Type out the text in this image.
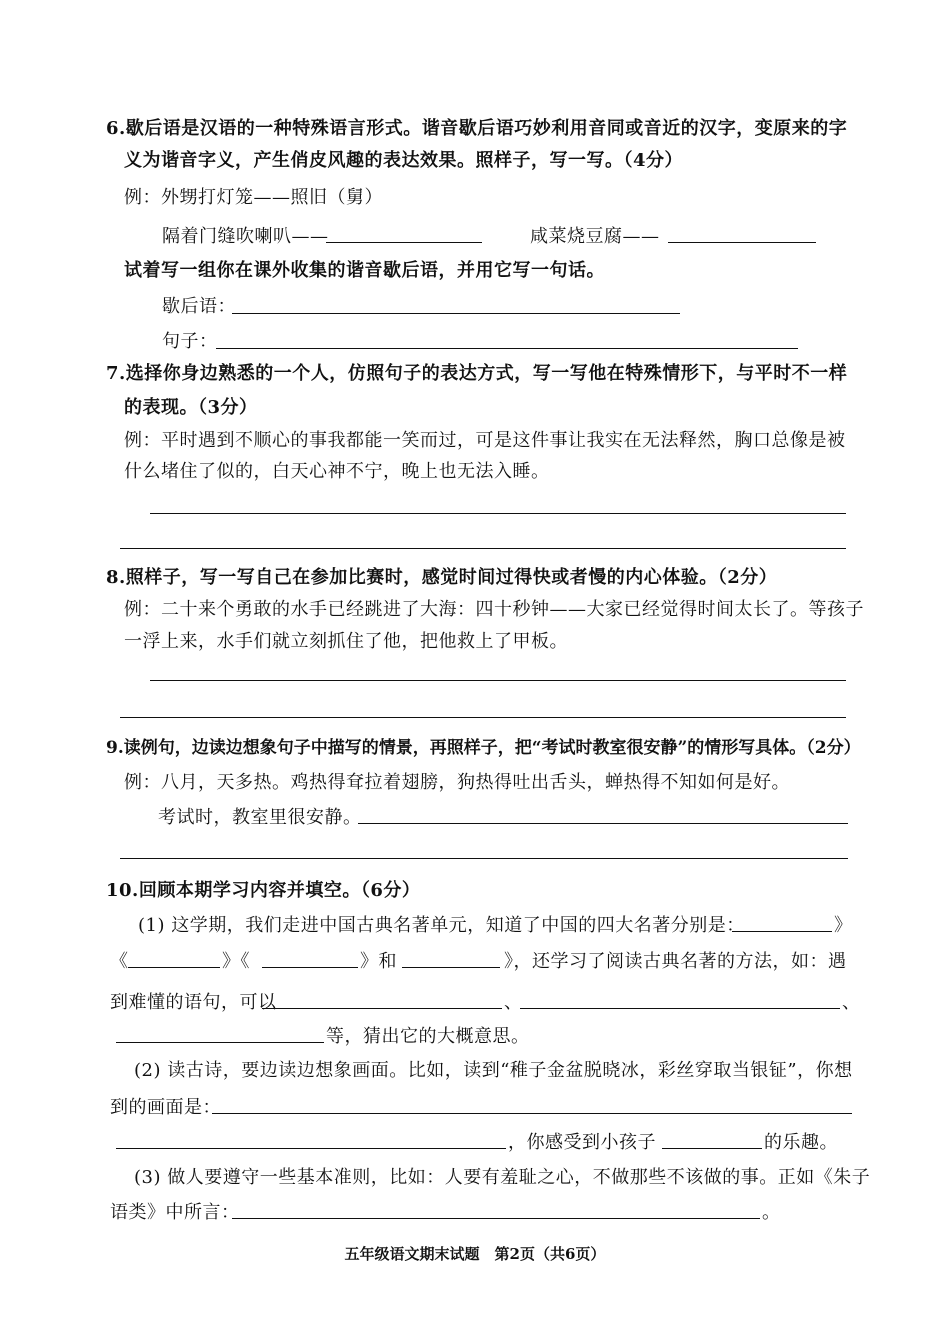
6.歇后语是汉语的一种特殊语言形式。谐音歇后语巧妙利用音同或音近的汉字，变原来的字
义为谐音字义，产生俏皮风趣的表达效果。照样子，写一写。（4分）
例：外甥打灯笼——照旧（舅）
隔着门缝吹喇叭——	咸菜烧豆腐——
试着写一组你在课外收集的谐音歇后语，并用它写一句话。
歇后语：
句子：
7.选择你身边熟悉的一个人，仿照句子的表达方式，写一写他在特殊情形下，与平时不一样
的表现。（3分）
例：平时遇到不顺心的事我都能一笑而过，可是这件事让我实在无法释然，胸口总像是被
什么堵住了似的，白天心神不宁，晚上也无法入睡。
8.照样子，写一写自己在参加比赛时，感觉时间过得快或者慢的内心体验。（2分）
例：二十来个勇敢的水手已经跳进了大海：四十秒钟——大家已经觉得时间太长了。等孩子
一浮上来，水手们就立刻抓住了他，把他救上了甲板。
9.读例句，边读边想象句子中描写的情景，再照样子，把“考试时教室很安静”的情形写具体。（2分）
例：八月，天多热。鸡热得耷拉着翅膀，狗热得吐出舌头，蝉热得不知如何是好。
考试时，教室里很安静。
10.回顾本期学习内容并填空。（6分）
(1) 这学期，我们走进中国古典名著单元，知道了中国的四大名著分别是：	》
《	》《	》和	》，还学习了阅读古典名著的方法，如：遇
到难懂的语句，可以	、	、
等，猜出它的大概意思。
(2) 读古诗，要边读边想象画面。比如，读到“稚子金盆脱晓冰，彩丝穿取当银钲”，你想
到的画面是：
，你感受到小孩子	的乐趣。
(3) 做人要遵守一些基本准则，比如：人要有羞耻之心，不做那些不该做的事。正如《朱子
语类》中所言：	。
五年级语文期末试题　第2页（共6页）
